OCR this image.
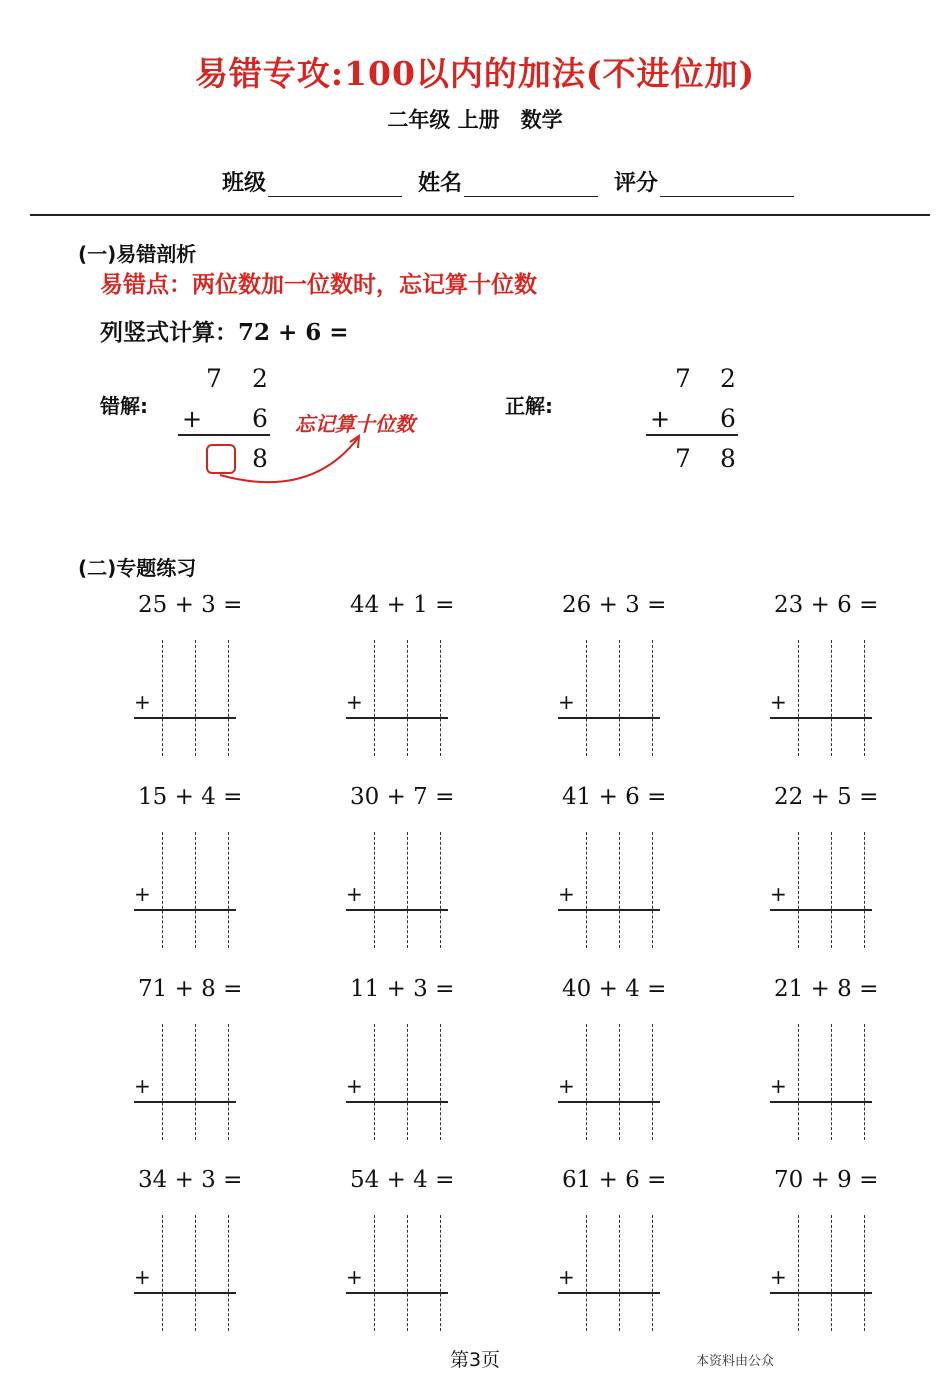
易错专攻:100以内的加法(不进位加)
二年级 上册　数学
班级	姓名	评分
(一)易错剖析
易错点：两位数加一位数时，忘记算十位数
列竖式计算：72 + 6 =
错解:
7 2
+ 6
8
忘记算十位数
正解:
7 2
+ 6
7 8
(二)专题练习
25 + 3 =
+
44 + 1 =
+
26 + 3 =
+
23 + 6 =
+
15 + 4 =
+
30 + 7 =
+
41 + 6 =
+
22 + 5 =
+
71 + 8 =
+
11 + 3 =
+
40 + 4 =
+
21 + 8 =
+
34 + 3 =
+
54 + 4 =
+
61 + 6 =
+
70 + 9 =
+
第3页	本资料由公众
